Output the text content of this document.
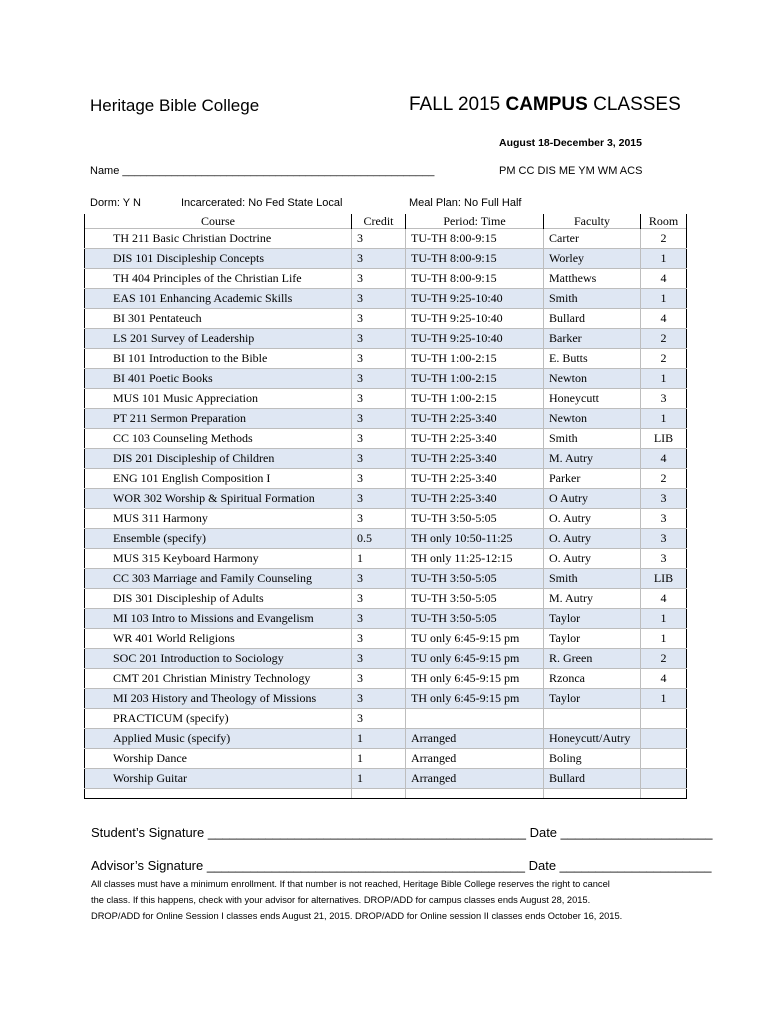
Heritage Bible College	FALL 2015 CAMPUS CLASSES
August 18-December 3, 2015
Name ___________________________________________________	PM CC DIS ME YM WM ACS
Dorm: Y N	Incarcerated: No Fed State Local	Meal Plan: No Full Half
Course	Credit	Period: Time	Faculty	Room
TH 211 Basic Christian Doctrine	3	TU-TH 8:00-9:15	Carter	2
DIS 101 Discipleship Concepts	3	TU-TH 8:00-9:15	Worley	1
TH 404 Principles of the Christian Life	3	TU-TH 8:00-9:15	Matthews	4
EAS 101 Enhancing Academic Skills	3	TU-TH 9:25-10:40	Smith	1
BI 301 Pentateuch	3	TU-TH 9:25-10:40	Bullard	4
LS 201 Survey of Leadership	3	TU-TH 9:25-10:40	Barker	2
BI 101 Introduction to the Bible	3	TU-TH 1:00-2:15	E. Butts	2
BI 401 Poetic Books	3	TU-TH 1:00-2:15	Newton	1
MUS 101 Music Appreciation	3	TU-TH 1:00-2:15	Honeycutt	3
PT 211 Sermon Preparation	3	TU-TH 2:25-3:40	Newton	1
CC 103 Counseling Methods	3	TU-TH 2:25-3:40	Smith	LIB
DIS 201 Discipleship of Children	3	TU-TH 2:25-3:40	M. Autry	4
ENG 101 English Composition I	3	TU-TH 2:25-3:40	Parker	2
WOR 302 Worship & Spiritual Formation	3	TU-TH 2:25-3:40	O Autry	3
MUS 311 Harmony	3	TU-TH 3:50-5:05	O. Autry	3
Ensemble (specify)	0.5	TH only 10:50-11:25	O. Autry	3
MUS 315 Keyboard Harmony	1	TH only 11:25-12:15	O. Autry	3
CC 303 Marriage and Family Counseling	3	TU-TH 3:50-5:05	Smith	LIB
DIS 301 Discipleship of Adults	3	TU-TH 3:50-5:05	M. Autry	4
MI 103 Intro to Missions and Evangelism	3	TU-TH 3:50-5:05	Taylor	1
WR 401 World Religions	3	TU only 6:45-9:15 pm	Taylor	1
SOC 201 Introduction to Sociology	3	TU only 6:45-9:15 pm	R. Green	2
CMT 201 Christian Ministry Technology	3	TH only 6:45-9:15 pm	Rzonca	4
MI 203 History and Theology of Missions	3	TH only 6:45-9:15 pm	Taylor	1
PRACTICUM (specify)	3			
Applied Music (specify)	1	Arranged	Honeycutt/Autry	
Worship Dance	1	Arranged	Boling	
Worship Guitar	1	Arranged	Bullard	

Student’s Signature ____________________________________________ Date _____________________
Advisor’s Signature ____________________________________________ Date _____________________
All classes must have a minimum enrollment. If that number is not reached, Heritage Bible College reserves the right to cancel
the class. If this happens, check with your advisor for alternatives. DROP/ADD for campus classes ends August 28, 2015.
DROP/ADD for Online Session I classes ends August 21, 2015. DROP/ADD for Online session II classes ends October 16, 2015.
